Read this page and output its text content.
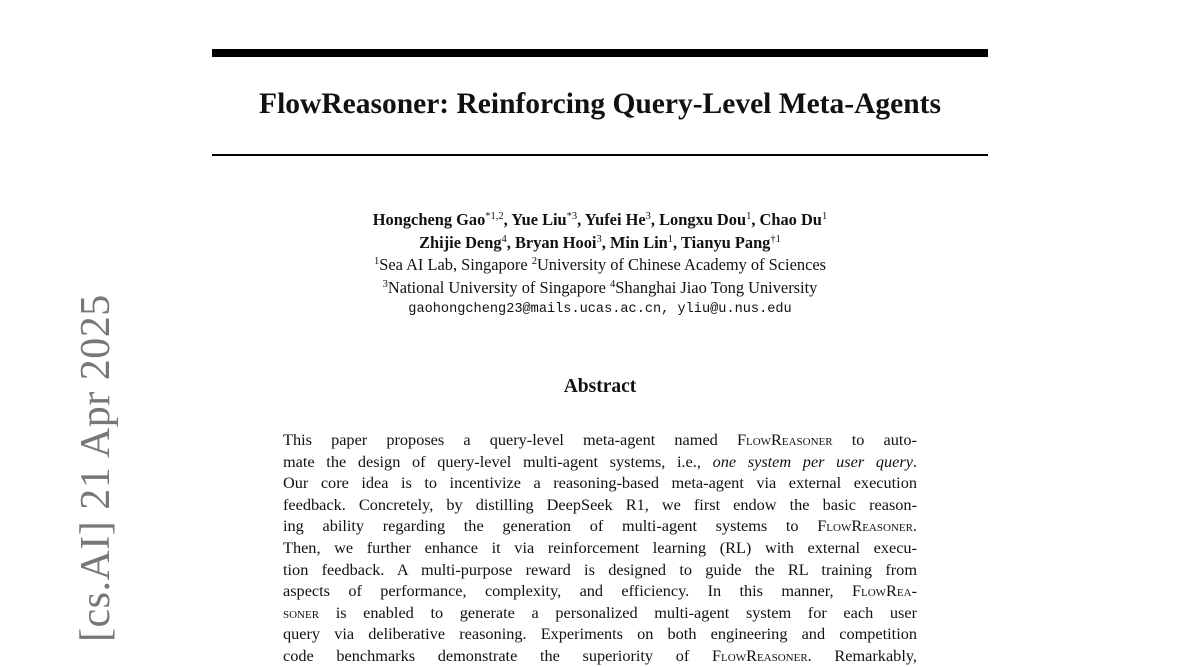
[cs.AI] 21 Apr 2025
FlowReasoner: Reinforcing Query-Level Meta-Agents
Hongcheng Gao$^{*1,2}$, Yue Liu$^{*3}$, Yufei He$^3$, Longxu Dou$^1$, Chao Du$^1$
Zhijie Deng$^4$, Bryan Hooi$^3$, Min Lin$^1$, Tianyu Pang$^{\dagger 1}$
$^1$Sea AI Lab, Singapore $^2$University of Chinese Academy of Sciences
$^3$National University of Singapore $^4$Shanghai Jiao Tong University
gaohongcheng23@mails.ucas.ac.cn, yliu@u.nus.edu
Abstract
This paper proposes a query-level meta-agent named FlowReasoner to auto-
mate the design of query-level multi-agent systems, i.e., one system per user query.
Our core idea is to incentivize a reasoning-based meta-agent via external execution
feedback. Concretely, by distilling DeepSeek R1, we first endow the basic reason-
ing ability regarding the generation of multi-agent systems to FlowReasoner.
Then, we further enhance it via reinforcement learning (RL) with external execu-
tion feedback. A multi-purpose reward is designed to guide the RL training from
aspects of performance, complexity, and efficiency. In this manner, FlowRea-
soner is enabled to generate a personalized multi-agent system for each user
query via deliberative reasoning. Experiments on both engineering and competition
code benchmarks demonstrate the superiority of FlowReasoner. Remarkably,
